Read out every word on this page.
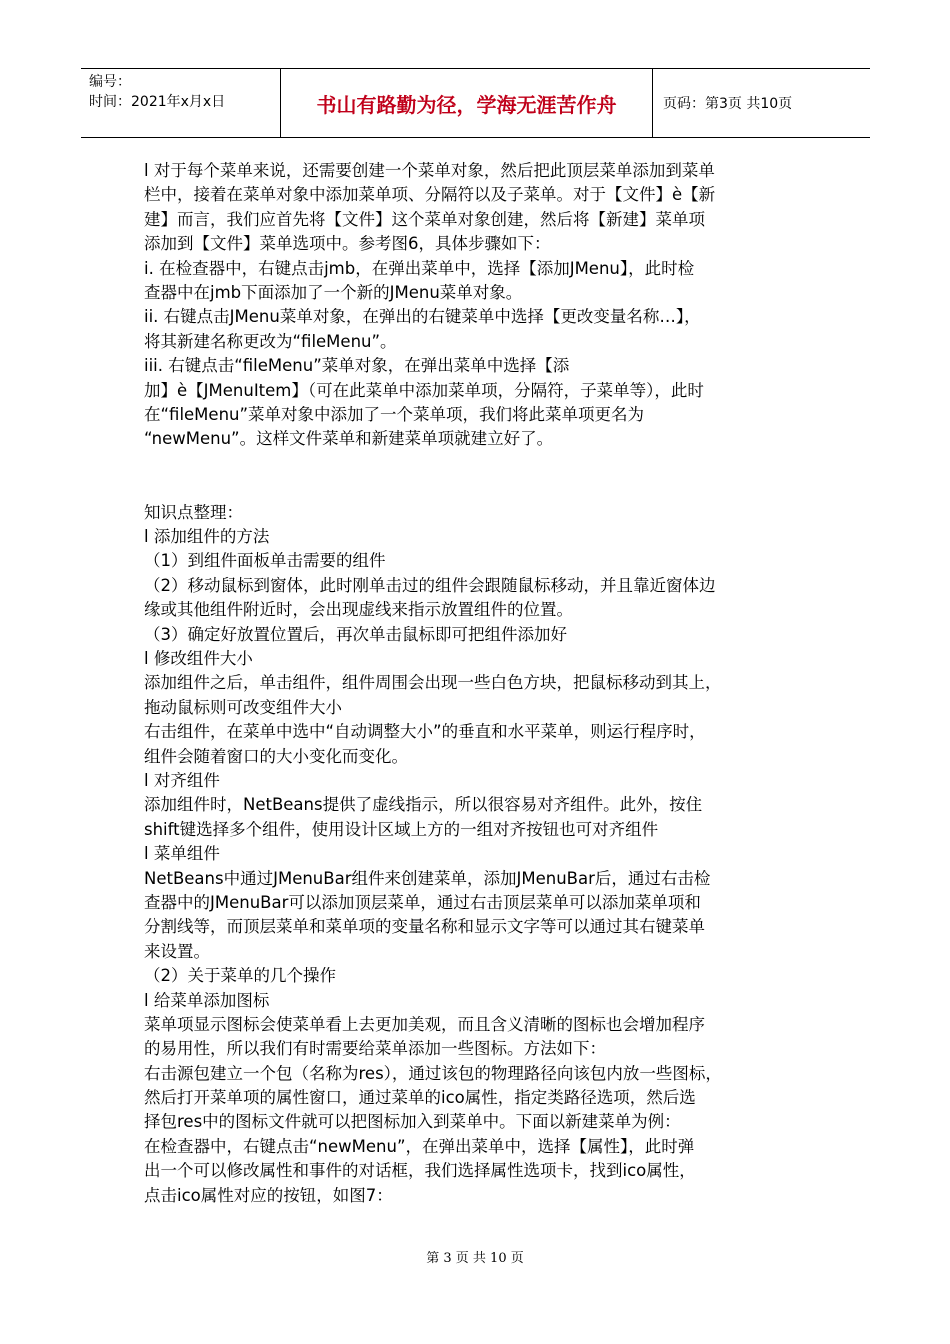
编号：
时间：2021年x月x日	书山有路勤为径，学海无涯苦作舟	页码：第3页 共10页
l 对于每个菜单来说，还需要创建一个菜单对象，然后把此顶层菜单添加到菜单
栏中，接着在菜单对象中添加菜单项、分隔符以及子菜单。对于【文件】è【新
建】而言，我们应首先将【文件】这个菜单对象创建，然后将【新建】菜单项
添加到【文件】菜单选项中。参考图6，具体步骤如下：
i. 在检查器中，右键点击jmb，在弹出菜单中，选择【添加JMenu】，此时检
查器中在jmb下面添加了一个新的JMenu菜单对象。
ii. 右键点击JMenu菜单对象，在弹出的右键菜单中选择【更改变量名称…】，
将其新建名称更改为“fileMenu”。
iii. 右键点击“fileMenu”菜单对象，在弹出菜单中选择【添
加】è【JMenuItem】（可在此菜单中添加菜单项，分隔符，子菜单等），此时
在“fileMenu”菜单对象中添加了一个菜单项，我们将此菜单项更名为
“newMenu”。这样文件菜单和新建菜单项就建立好了。
知识点整理：
l 添加组件的方法
（1）到组件面板单击需要的组件
（2）移动鼠标到窗体，此时刚单击过的组件会跟随鼠标移动，并且靠近窗体边
缘或其他组件附近时，会出现虚线来指示放置组件的位置。
（3）确定好放置位置后，再次单击鼠标即可把组件添加好
l 修改组件大小
添加组件之后，单击组件，组件周围会出现一些白色方块，把鼠标移动到其上，
拖动鼠标则可改变组件大小
右击组件，在菜单中选中“自动调整大小”的垂直和水平菜单，则运行程序时，
组件会随着窗口的大小变化而变化。
l 对齐组件
添加组件时，NetBeans提供了虚线指示，所以很容易对齐组件。此外，按住
shift键选择多个组件，使用设计区域上方的一组对齐按钮也可对齐组件
l 菜单组件
NetBeans中通过JMenuBar组件来创建菜单，添加JMenuBar后，通过右击检
查器中的JMenuBar可以添加顶层菜单，通过右击顶层菜单可以添加菜单项和
分割线等，而顶层菜单和菜单项的变量名称和显示文字等可以通过其右键菜单
来设置。
（2）关于菜单的几个操作
l 给菜单添加图标
菜单项显示图标会使菜单看上去更加美观，而且含义清晰的图标也会增加程序
的易用性，所以我们有时需要给菜单添加一些图标。方法如下：
右击源包建立一个包（名称为res），通过该包的物理路径向该包内放一些图标，
然后打开菜单项的属性窗口，通过菜单的ico属性，指定类路径选项，然后选
择包res中的图标文件就可以把图标加入到菜单中。下面以新建菜单为例：
在检查器中，右键点击“newMenu”，在弹出菜单中，选择【属性】，此时弹
出一个可以修改属性和事件的对话框，我们选择属性选项卡，找到ico属性，
点击ico属性对应的按钮，如图7：
第 3 页 共 10 页
